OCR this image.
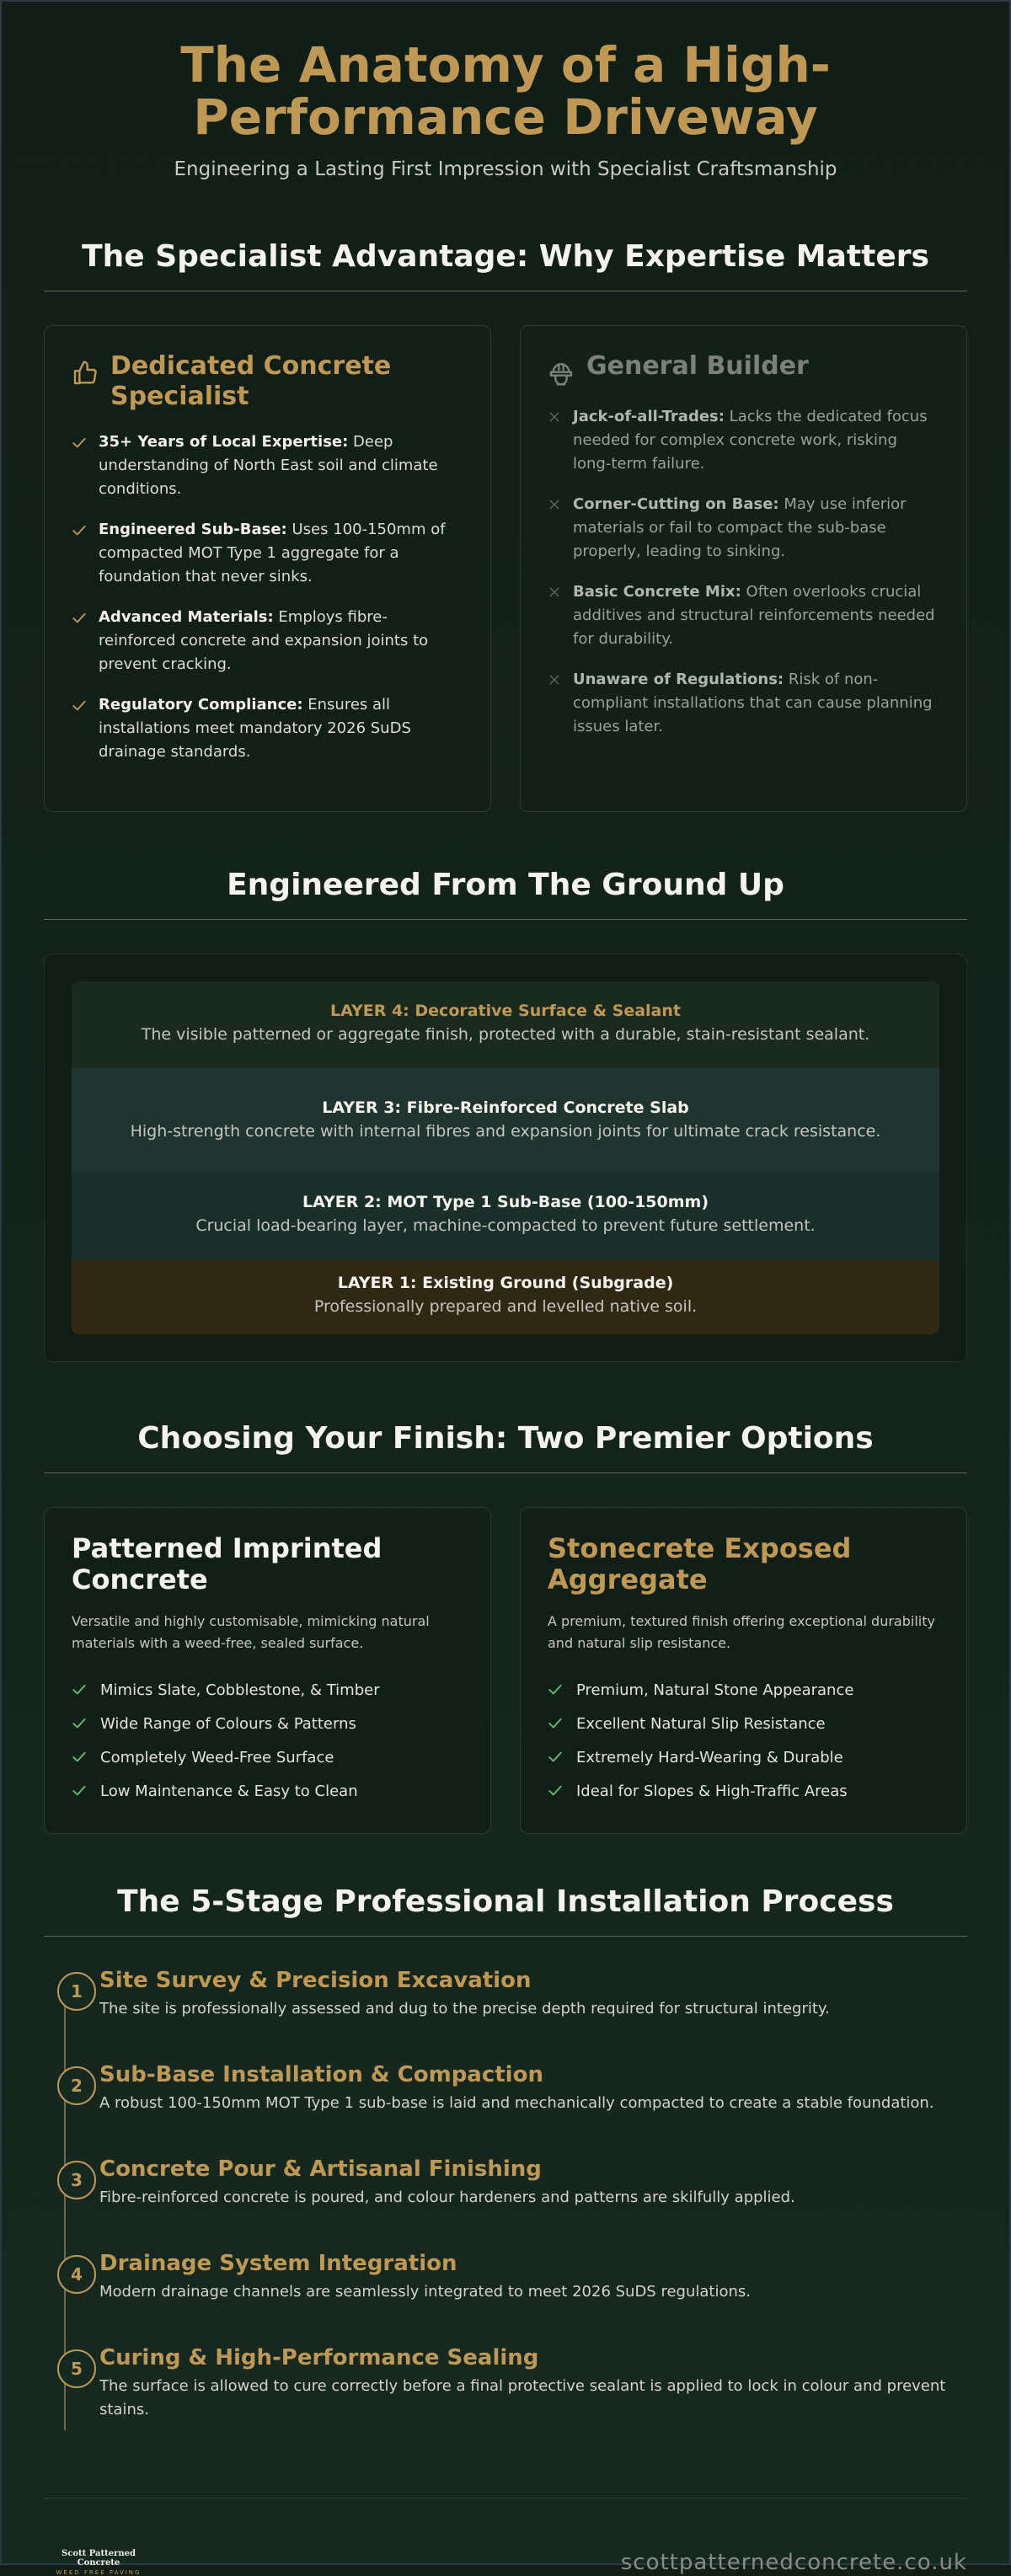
The Anatomy of a High-Performance Driveway

Engineering a Lasting First Impression with Specialist Craftsmanship

The Specialist Advantage: Why Expertise Matters
Dedicated Concrete Specialist
35+ Years of Local Expertise: Deep understanding of North East soil and climate conditions.
Engineered Sub-Base: Uses 100-150mm of compacted MOT Type 1 aggregate for a foundation that never sinks.
Advanced Materials: Employs fibre-reinforced concrete and expansion joints to prevent cracking.
Regulatory Compliance: Ensures all installations meet mandatory 2026 SuDS drainage standards.
General Builder
Jack-of-all-Trades: Lacks the dedicated focus needed for complex concrete work, risking long-term failure.
Corner-Cutting on Base: May use inferior materials or fail to compact the sub-base properly, leading to sinking.
Basic Concrete Mix: Often overlooks crucial additives and structural reinforcements needed for durability.
Unaware of Regulations: Risk of non-compliant installations that can cause planning issues later.
Engineered From The Ground Up
LAYER 4: Decorative Surface & Sealant
The visible patterned or aggregate finish, protected with a durable, stain-resistant sealant.
LAYER 3: Fibre-Reinforced Concrete Slab
High-strength concrete with internal fibres and expansion joints for ultimate crack resistance.
LAYER 2: MOT Type 1 Sub-Base (100-150mm)
Crucial load-bearing layer, machine-compacted to prevent future settlement.
LAYER 1: Existing Ground (Subgrade)
Professionally prepared and levelled native soil.
Choosing Your Finish: Two Premier Options
Patterned Imprinted Concrete

Versatile and highly customisable, mimicking natural materials with a weed-free, sealed surface.

Mimics Slate, Cobblestone, & Timber
Wide Range of Colours & Patterns
Completely Weed-Free Surface
Low Maintenance & Easy to Clean
Stonecrete Exposed Aggregate

A premium, textured finish offering exceptional durability and natural slip resistance.

Premium, Natural Stone Appearance
Excellent Natural Slip Resistance
Extremely Hard-Wearing & Durable
Ideal for Slopes & High-Traffic Areas
The 5-Stage Professional Installation Process
1 Site Survey & Precision Excavation

The site is professionally assessed and dug to the precise depth required for structural integrity.

2 Sub-Base Installation & Compaction

A robust 100-150mm MOT Type 1 sub-base is laid and mechanically compacted to create a stable foundation.

3 Concrete Pour & Artisanal Finishing

Fibre-reinforced concrete is poured, and colour hardeners and patterns are skilfully applied.

4 Drainage System Integration

Modern drainage channels are seamlessly integrated to meet 2026 SuDS regulations.

5 Curing & High-Performance Sealing

The surface is allowed to cure correctly before a final protective sealant is applied to lock in colour and prevent stains.

Scott Patterned Concrete
WEED FREE PAVING	scottpatternedconcrete.co.uk
